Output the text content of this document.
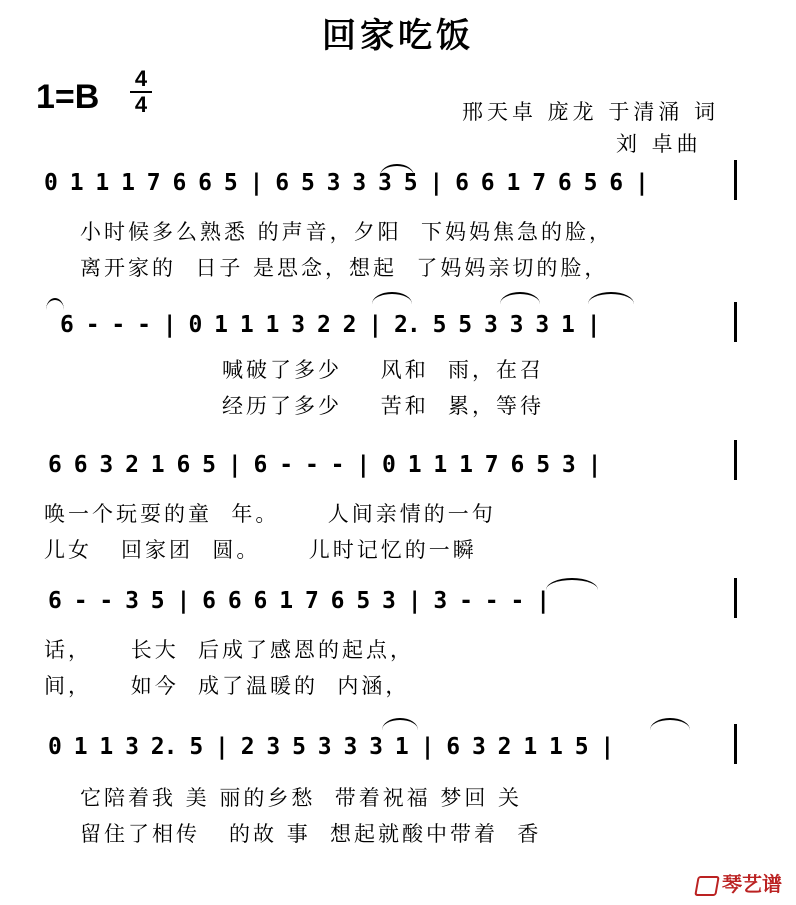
回家吃饭
1=B 4
4	邢天卓 庞龙 于清涌 词
刘 卓曲
0 1 1 1 7 6 6 5 | 6 5 3 3 3 5 | 6 6 1 7 6 5 6 |
小时候多么熟悉 的声音，夕阳  下妈妈焦急的脸，
离开家的  日子 是思念，想起  了妈妈亲切的脸，
6 - - - | 0 1 1 1 3 2 2 | 2. 5 5 3 3 3 1 |
喊破了多少    风和  雨，在召
经历了多少    苦和  累，等待
6 6 3 2 1 6 5 | 6 - - - | 0 1 1 1 7 6 5 3 |
唤一个玩耍的童  年。     人间亲情的一句
儿女   回家团  圆。     儿时记忆的一瞬
6 - - 3 5 | 6 6 6 1 7 6 5 3 | 3 - - - |
话，    长大  后成了感恩的起点，
间，    如今  成了温暖的  内涵，
0 1 1 3 2. 5 | 2 3 5 3 3 3 1 | 6 3 2 1 1 5 |
它陪着我 美 丽的乡愁  带着祝福 梦回 关
留住了相传   的故 事  想起就酸中带着  香
琴艺谱
